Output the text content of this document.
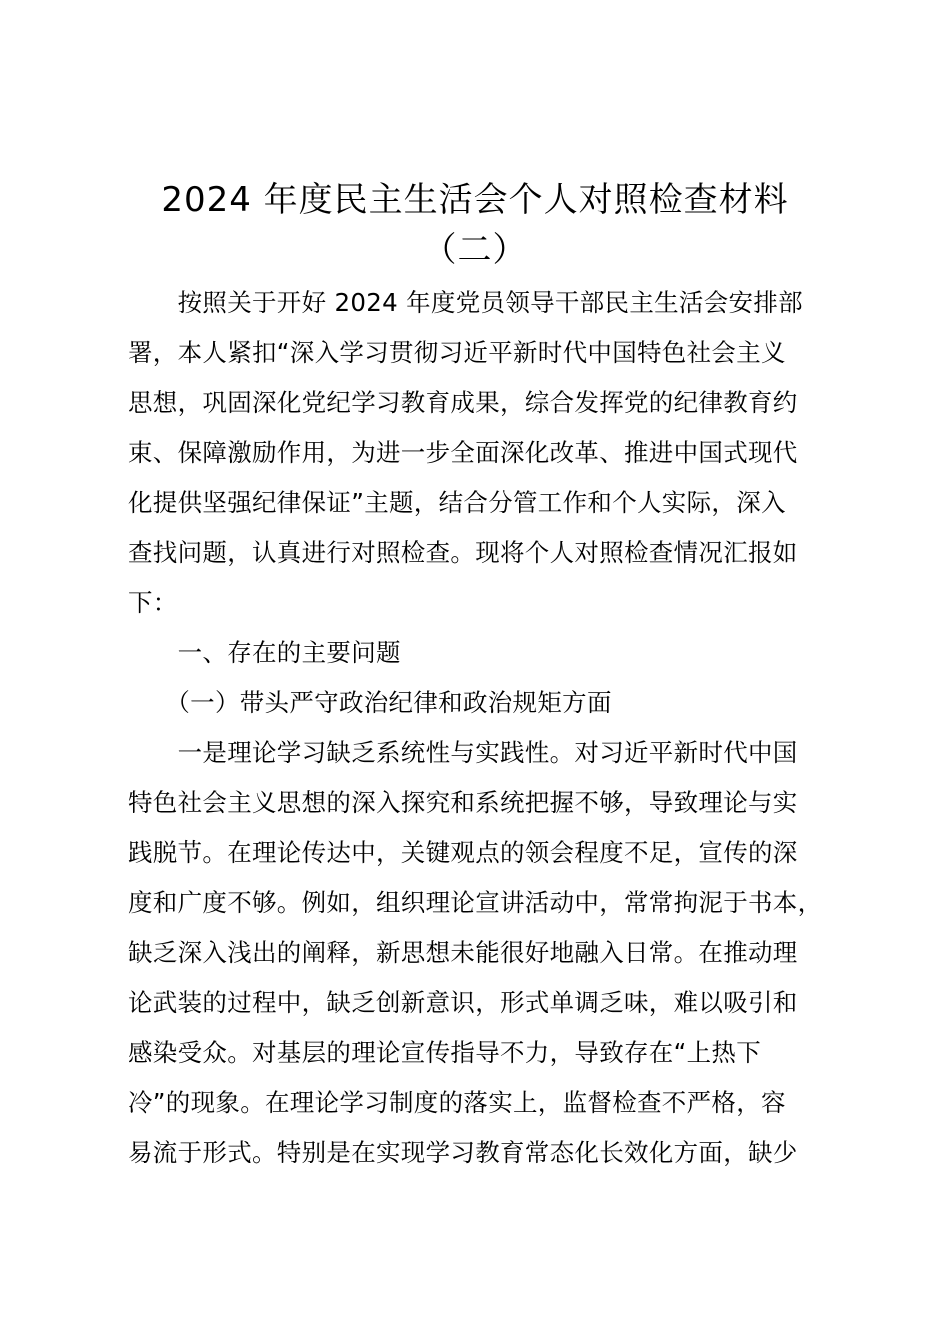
2024 年度民主生活会个人对照检查材料
（二）
　　按照关于开好 2024 年度党员领导干部民主生活会安排部
署，本人紧扣“深入学习贯彻习近平新时代中国特色社会主义
思想，巩固深化党纪学习教育成果，综合发挥党的纪律教育约
束、保障激励作用，为进一步全面深化改革、推进中国式现代
化提供坚强纪律保证”主题，结合分管工作和个人实际，深入
查找问题，认真进行对照检查。现将个人对照检查情况汇报如
下：
　　一、存在的主要问题
　　（一）带头严守政治纪律和政治规矩方面
　　一是理论学习缺乏系统性与实践性。对习近平新时代中国
特色社会主义思想的深入探究和系统把握不够，导致理论与实
践脱节。在理论传达中，关键观点的领会程度不足，宣传的深
度和广度不够。例如，组织理论宣讲活动中，常常拘泥于书本，
缺乏深入浅出的阐释，新思想未能很好地融入日常。在推动理
论武装的过程中，缺乏创新意识，形式单调乏味，难以吸引和
感染受众。对基层的理论宣传指导不力，导致存在“上热下
冷”的现象。在理论学习制度的落实上，监督检查不严格，容
易流于形式。特别是在实现学习教育常态化长效化方面，缺少
